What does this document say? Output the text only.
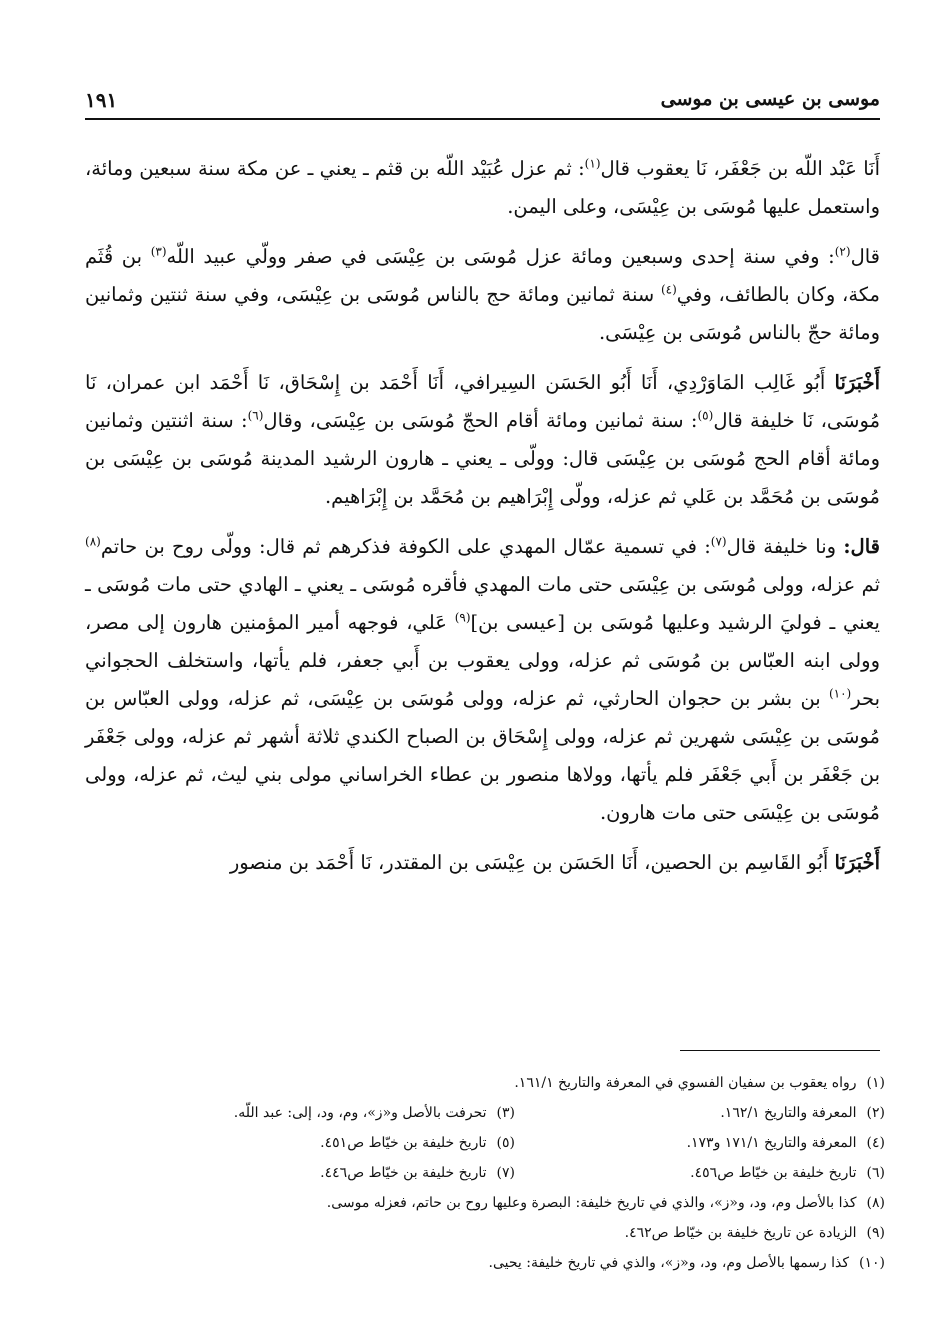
موسى بن عيسى بن موسى
١٩١

أَنَا عَبْد اللّه بن جَعْفَر، نَا يعقوب قال$^{(١)}$: ثم عزل عُبَيْد اللّه بن قثم ـ يعني ـ عن مكة سنة سبعين ومائة، واستعمل عليها مُوسَى بن عِيْسَى، وعلى اليمن.

قال$^{(٢)}$: وفي سنة إحدى وسبعين ومائة عزل مُوسَى بن عِيْسَى في صفر وولّي عبيد اللّه$^{(٣)}$ بن قُثَم مكة، وكان بالطائف، وفي$^{(٤)}$ سنة ثمانين ومائة حج بالناس مُوسَى بن عِيْسَى، وفي سنة ثنتين وثمانين ومائة حجّ بالناس مُوسَى بن عِيْسَى.

أَخْبَرَنَا أَبُو غَالِب المَاوَرْدِي، أَنَا أَبُو الحَسَن السِيرافي، أَنَا أَحْمَد بن إِسْحَاق، نَا أَحْمَد ابن عمران، نَا مُوسَى، نَا خليفة قال$^{(٥)}$: سنة ثمانين ومائة أقام الحجّ مُوسَى بن عِيْسَى، وقال$^{(٦)}$: سنة اثنتين وثمانين ومائة أقام الحج مُوسَى بن عِيْسَى قال: وولّى ـ يعني ـ هارون الرشيد المدينة مُوسَى بن عِيْسَى بن مُوسَى بن مُحَمَّد بن عَلي ثم عزله، وولّى إِبْرَاهيم بن مُحَمَّد بن إِبْرَاهيم.

قال: ونا خليفة قال$^{(٧)}$: في تسمية عمّال المهدي على الكوفة فذكرهم ثم قال: وولّى روح بن حاتم$^{(٨)}$ ثم عزله، وولى مُوسَى بن عِيْسَى حتى مات المهدي فأقره مُوسَى ـ يعني ـ الهادي حتى مات مُوسَى ـ يعني ـ فوليَ الرشيد وعليها مُوسَى بن [عيسى بن]$^{(٩)}$ عَلي، فوجهه أمير المؤمنين هارون إلى مصر، وولى ابنه العبّاس بن مُوسَى ثم عزله، وولى يعقوب بن أَبي جعفر، فلم يأتها، واستخلف الحجواني بحر$^{(١٠)}$ بن بشر بن حجوان الحارثي، ثم عزله، وولى مُوسَى بن عِيْسَى، ثم عزله، وولى العبّاس بن مُوسَى بن عِيْسَى شهرين ثم عزله، وولى إِسْحَاق بن الصباح الكندي ثلاثة أشهر ثم عزله، وولى جَعْفَر بن جَعْفَر بن أَبي جَعْفَر فلم يأتها، وولاها منصور بن عطاء الخراساني مولى بني ليث، ثم عزله، وولى مُوسَى بن عِيْسَى حتى مات هارون.

أَخْبَرَنَا أَبُو القَاسِم بن الحصين، أَنَا الحَسَن بن عِيْسَى بن المقتدر، نَا أَحْمَد بن منصور

(١)رواه يعقوب بن سفيان الفسوي في المعرفة والتاريخ ١٦١/١.
(٢)المعرفة والتاريخ ١٦٢/١.
(٣)تحرفت بالأصل و«ز»، وم، ود، إلى: عبد اللّه.
(٤)المعرفة والتاريخ ١٧١/١ و١٧٣.
(٥)تاريخ خليفة بن خيّاط ص٤٥١.
(٦)تاريخ خليفة بن خيّاط ص٤٥٦.
(٧)تاريخ خليفة بن خيّاط ص٤٤٦.
(٨)كذا بالأصل وم، ود، و«ز»، والذي في تاريخ خليفة: البصرة وعليها روح بن حاتم، فعزله موسى.
(٩)الزيادة عن تاريخ خليفة بن خيّاط ص٤٦٢.
(١٠)كذا رسمها بالأصل وم، ود، و«ز»، والذي في تاريخ خليفة: يحيى.
